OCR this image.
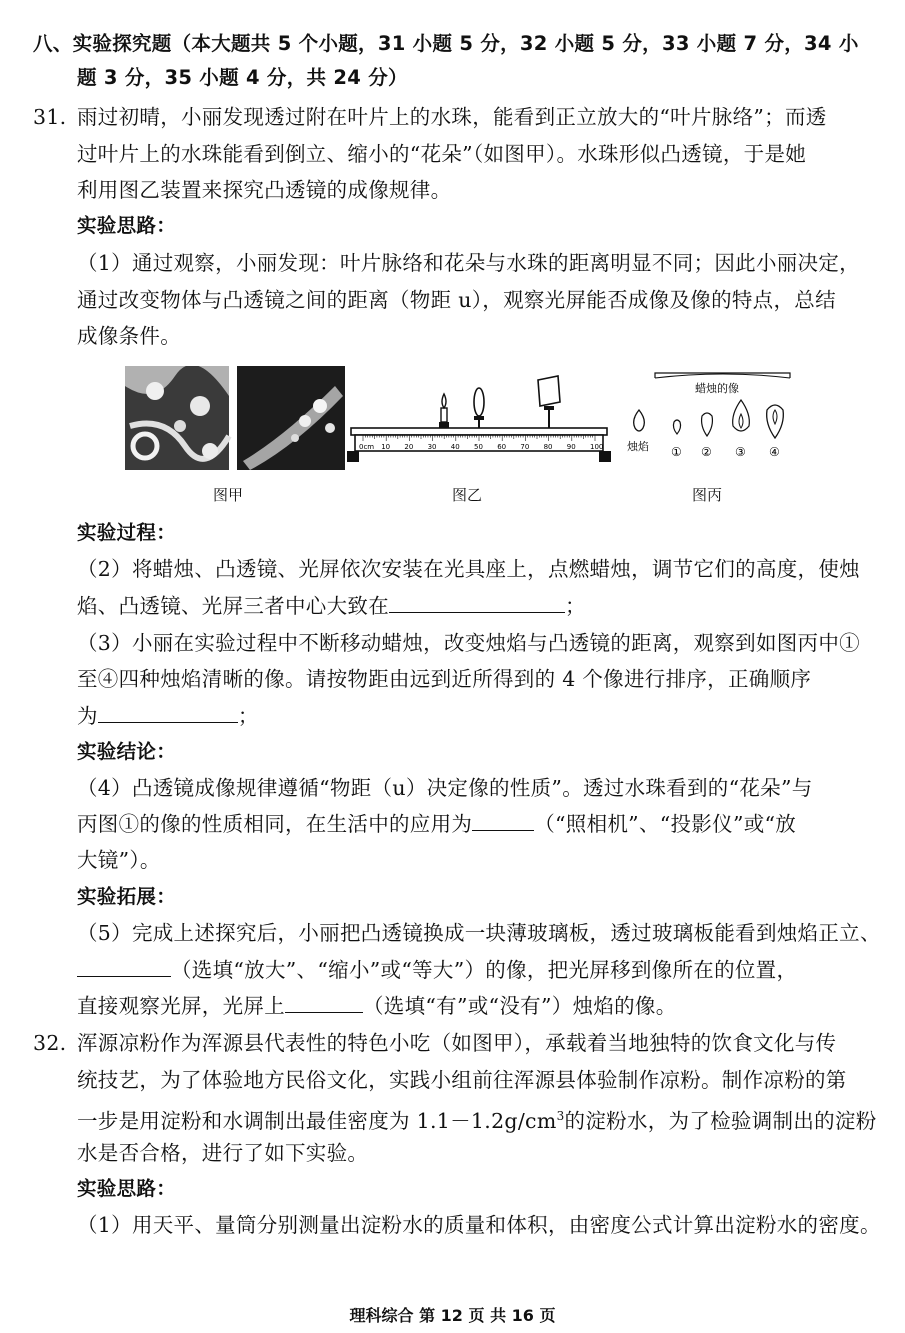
八、实验探究题（本大题共 5 个小题，31 小题 5 分，32 小题 5 分，33 小题 7 分，34 小
题 3 分，35 小题 4 分，共 24 分）
31. 雨过初晴，小丽发现透过附在叶片上的水珠，能看到正立放大的“叶片脉络”；而透
过叶片上的水珠能看到倒立、缩小的“花朵”（如图甲）。水珠形似凸透镜，于是她
利用图乙装置来探究凸透镜的成像规律。
实验思路：
（1）通过观察，小丽发现：叶片脉络和花朵与水珠的距离明显不同；因此小丽决定，
通过改变物体与凸透镜之间的距离（物距 u），观察光屏能否成像及像的特点，总结
成像条件。
图甲
0cm 10 20 30 40 50 60 70 80 90 100
图乙
蜡烛的像
烛焰 ① ② ③ ④
图丙
实验过程：
（2）将蜡烛、凸透镜、光屏依次安装在光具座上，点燃蜡烛，调节它们的高度，使烛
焰、凸透镜、光屏三者中心大致在	；
（3）小丽在实验过程中不断移动蜡烛，改变烛焰与凸透镜的距离，观察到如图丙中①
至④四种烛焰清晰的像。请按物距由远到近所得到的 4 个像进行排序，正确顺序
为	；
实验结论：
（4）凸透镜成像规律遵循“物距（u）决定像的性质”。透过水珠看到的“花朵”与
丙图①的像的性质相同，在生活中的应用为	（“照相机”、“投影仪”或“放
大镜”）。
实验拓展：
（5）完成上述探究后，小丽把凸透镜换成一块薄玻璃板，透过玻璃板能看到烛焰正立、
（选填“放大”、“缩小”或“等大”）的像，把光屏移到像所在的位置，
直接观察光屏，光屏上	（选填“有”或“没有”）烛焰的像。
32. 浑源凉粉作为浑源县代表性的特色小吃（如图甲），承载着当地独特的饮食文化与传
统技艺，为了体验地方民俗文化，实践小组前往浑源县体验制作凉粉。制作凉粉的第
一步是用淀粉和水调制出最佳密度为 $1.1-1.2g/cm^3$的淀粉水，为了检验调制出的淀粉
水是否合格，进行了如下实验。
实验思路：
（1）用天平、量筒分别测量出淀粉水的质量和体积，由密度公式计算出淀粉水的密度。
理科综合 第 12 页 共 16 页
